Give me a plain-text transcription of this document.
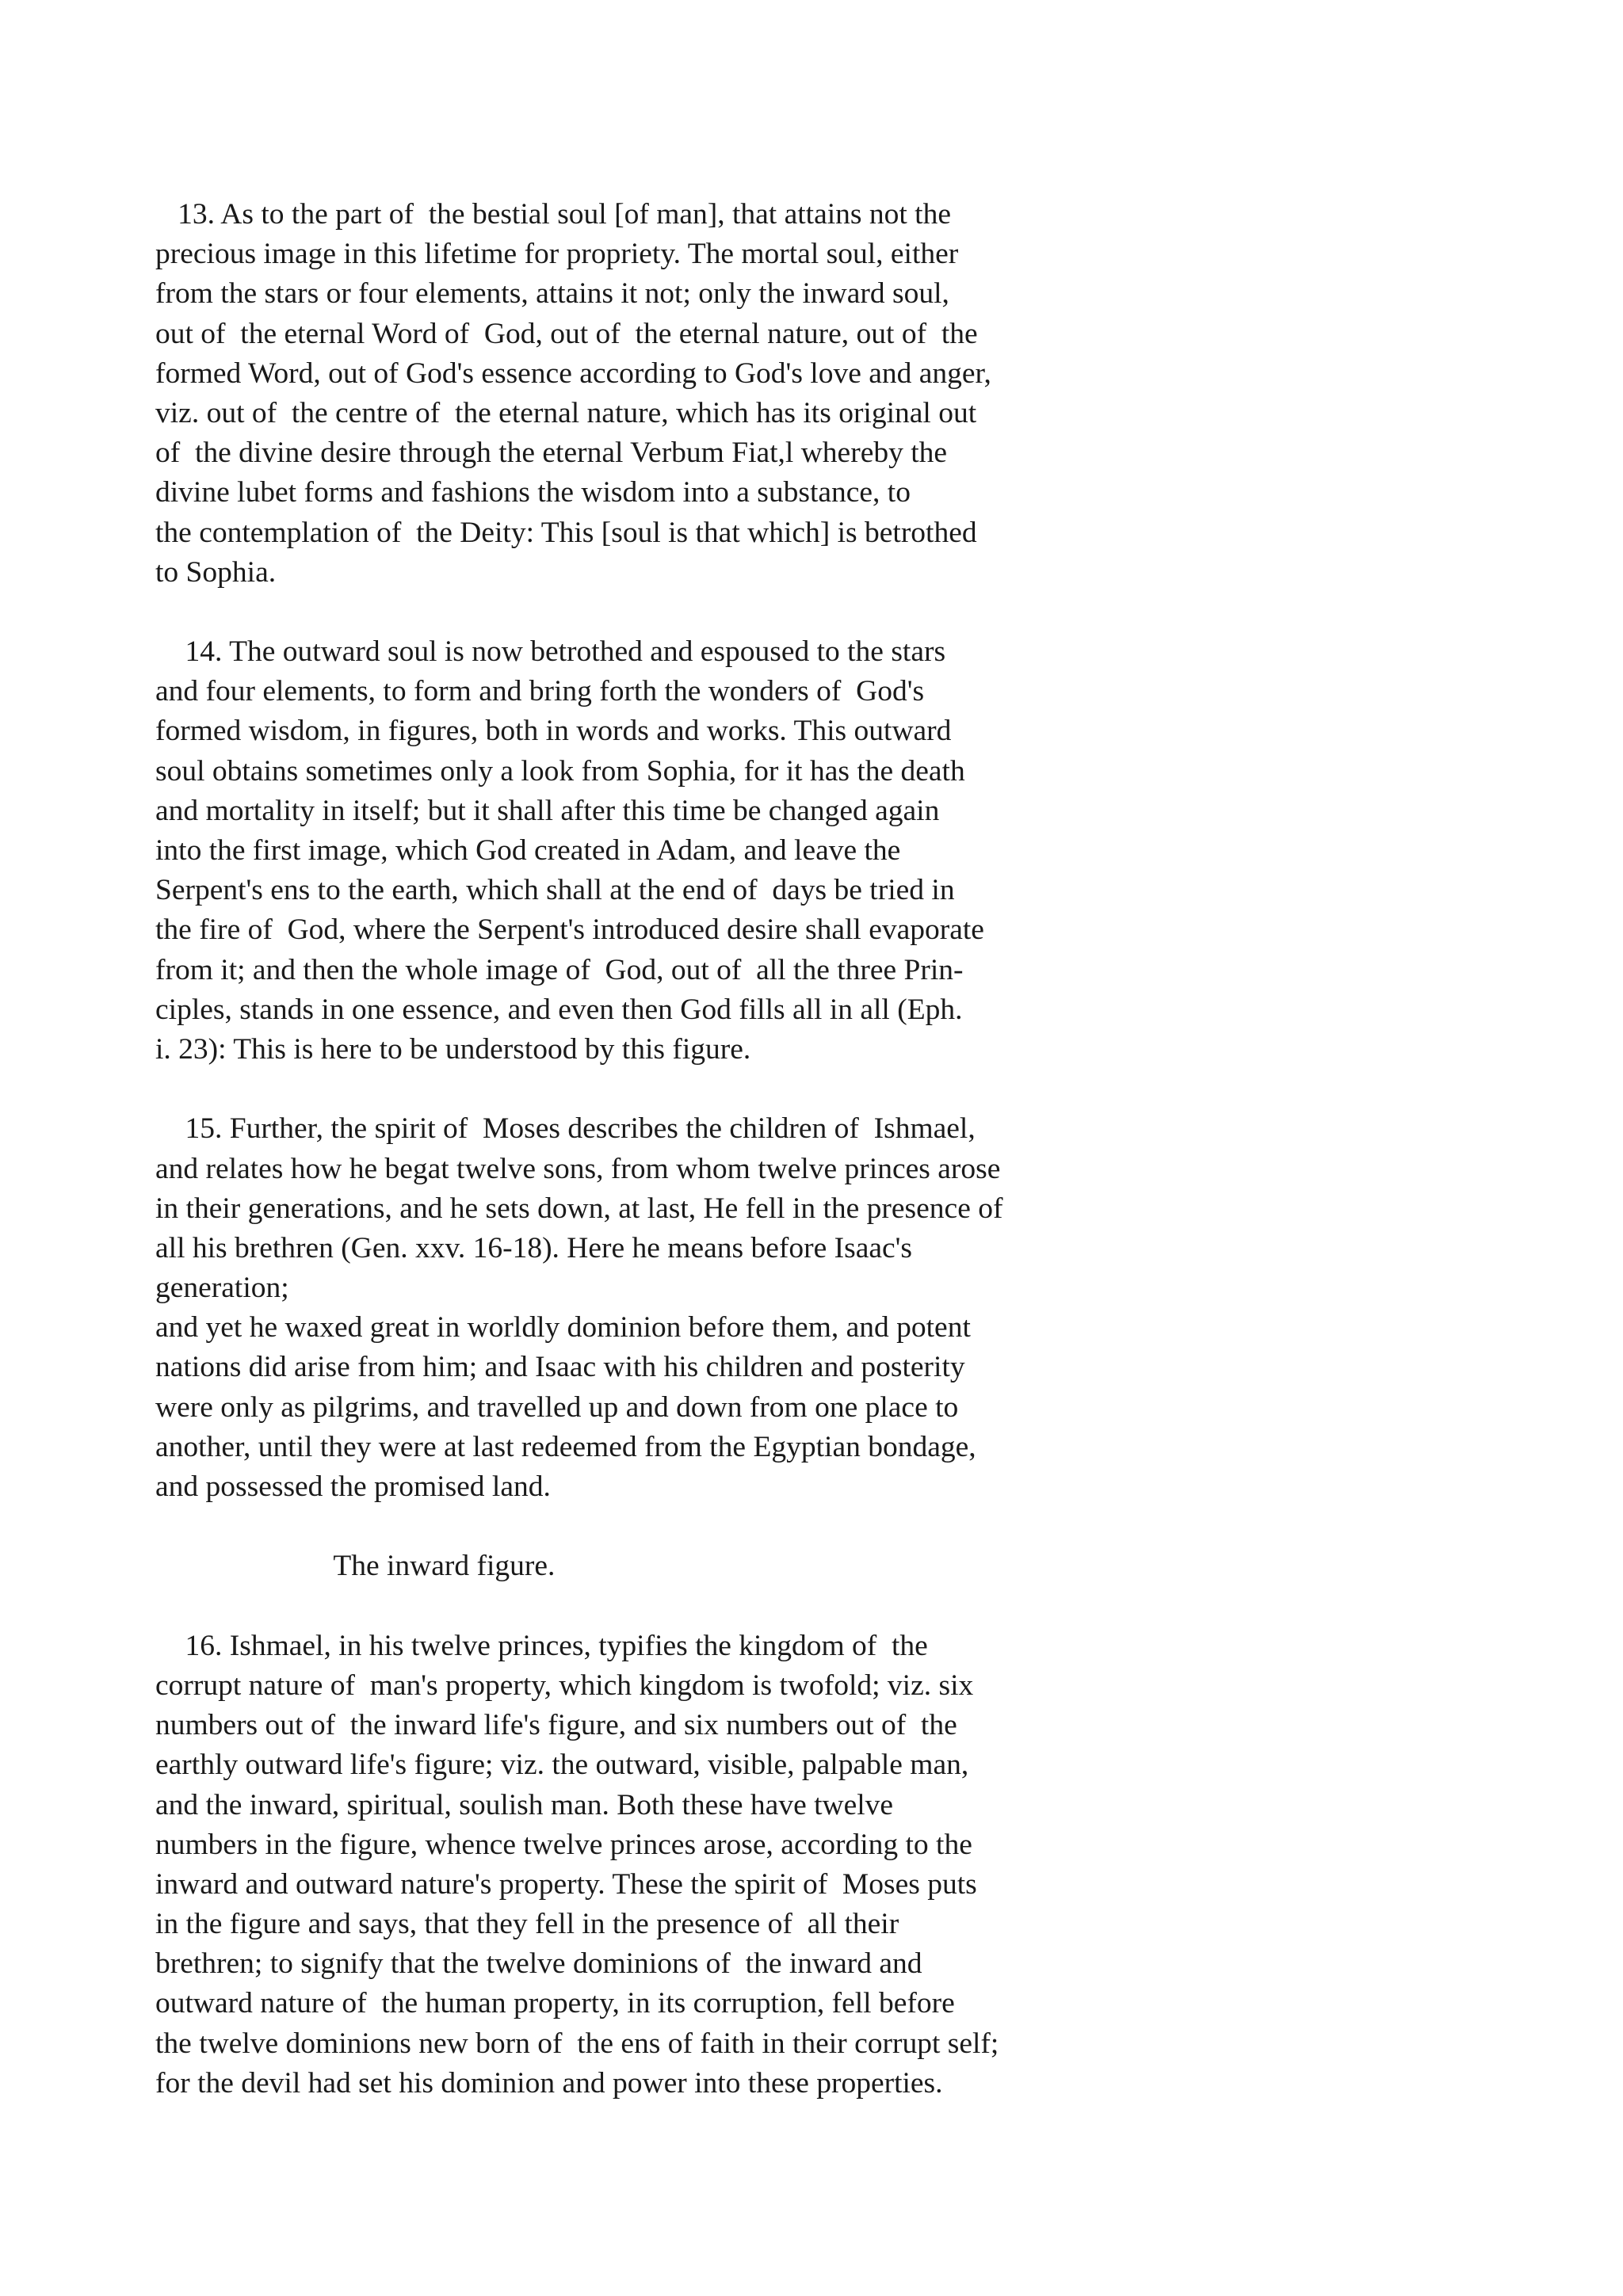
13. As to the part of  the bestial soul [of man], that attains not the
precious image in this lifetime for propriety. The mortal soul, either
from the stars or four elements, attains it not; only the inward soul,
out of  the eternal Word of  God, out of  the eternal nature, out of  the
formed Word, out of God's essence according to God's love and anger,
viz. out of  the centre of  the eternal nature, which has its original out
of  the divine desire through the eternal Verbum Fiat,l whereby the
divine lubet forms and fashions the wisdom into a substance, to
the contemplation of  the Deity: This [soul is that which] is betrothed
to Sophia.
14. The outward soul is now betrothed and espoused to the stars
and four elements, to form and bring forth the wonders of  God's
formed wisdom, in figures, both in words and works. This outward
soul obtains sometimes only a look from Sophia, for it has the death
and mortality in itself; but it shall after this time be changed again
into the first image, which God created in Adam, and leave the
Serpent's ens to the earth, which shall at the end of  days be tried in
the fire of  God, where the Serpent's introduced desire shall evaporate
from it; and then the whole image of  God, out of  all the three Prin-
ciples, stands in one essence, and even then God fills all in all (Eph.
i. 23): This is here to be understood by this figure.
15. Further, the spirit of  Moses describes the children of  Ishmael,
and relates how he begat twelve sons, from whom twelve princes arose
in their generations, and he sets down, at last, He fell in the presence of
all his brethren (Gen. xxv. 16-18). Here he means before Isaac's
generation;
and yet he waxed great in worldly dominion before them, and potent
nations did arise from him; and Isaac with his children and posterity
were only as pilgrims, and travelled up and down from one place to
another, until they were at last redeemed from the Egyptian bondage,
and possessed the promised land.
The inward figure.
16. Ishmael, in his twelve princes, typifies the kingdom of  the
corrupt nature of  man's property, which kingdom is twofold; viz. six
numbers out of  the inward life's figure, and six numbers out of  the
earthly outward life's figure; viz. the outward, visible, palpable man,
and the inward, spiritual, soulish man. Both these have twelve
numbers in the figure, whence twelve princes arose, according to the
inward and outward nature's property. These the spirit of  Moses puts
in the figure and says, that they fell in the presence of  all their
brethren; to signify that the twelve dominions of  the inward and
outward nature of  the human property, in its corruption, fell before
the twelve dominions new born of  the ens of faith in their corrupt self;
for the devil had set his dominion and power into these properties.
